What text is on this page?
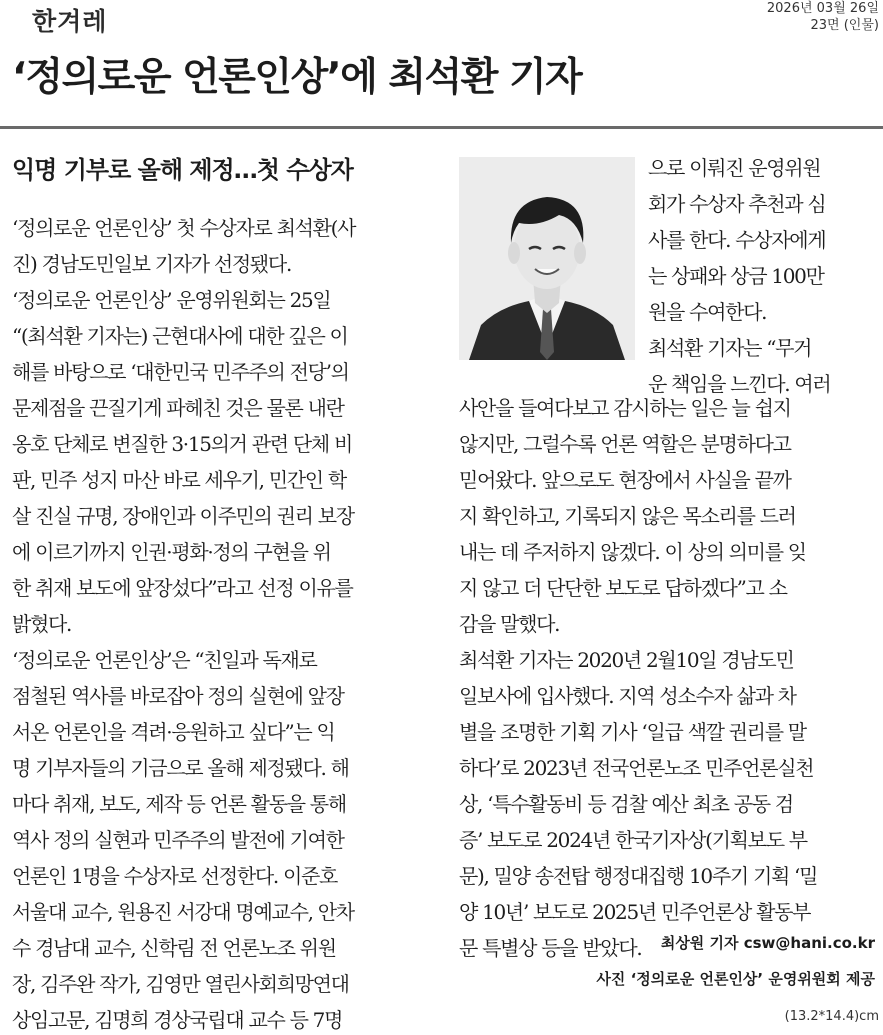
한겨레	2026년 03월 26일
23면 (인물)
‘정의로운 언론인상’에 최석환 기자
익명 기부로 올해 제정…첫 수상자
‘정의로운 언론인상’ 첫 수상자로 최석환(사
진) 경남도민일보 기자가 선정됐다.
‘정의로운 언론인상’ 운영위원회는 25일
“(최석환 기자는) 근현대사에 대한 깊은 이
해를 바탕으로 ‘대한민국 민주주의 전당’의
문제점을 끈질기게 파헤친 것은 물론 내란
옹호 단체로 변질한 3·15의거 관련 단체 비
판, 민주 성지 마산 바로 세우기, 민간인 학
살 진실 규명, 장애인과 이주민의 권리 보장
에 이르기까지 인권·평화·정의 구현을 위
한 취재 보도에 앞장섰다”라고 선정 이유를
밝혔다.
‘정의로운 언론인상’은 “친일과 독재로
점철된 역사를 바로잡아 정의 실현에 앞장
서온 언론인을 격려·응원하고 싶다”는 익
명 기부자들의 기금으로 올해 제정됐다. 해
마다 취재, 보도, 제작 등 언론 활동을 통해
역사 정의 실현과 민주주의 발전에 기여한
언론인 1명을 수상자로 선정한다. 이준호
서울대 교수, 원용진 서강대 명예교수, 안차
수 경남대 교수, 신학림 전 언론노조 위원
장, 김주완 작가, 김영만 열린사회희망연대
상임고문, 김명희 경상국립대 교수 등 7명
으로 이뤄진 운영위원
회가 수상자 추천과 심
사를 한다. 수상자에게
는 상패와 상금 100만
원을 수여한다.
최석환 기자는 “무거
운 책임을 느낀다. 여러
사안을 들여다보고 감시하는 일은 늘 쉽지
않지만, 그럴수록 언론 역할은 분명하다고
믿어왔다. 앞으로도 현장에서 사실을 끝까
지 확인하고, 기록되지 않은 목소리를 드러
내는 데 주저하지 않겠다. 이 상의 의미를 잊
지 않고 더 단단한 보도로 답하겠다”고 소
감을 말했다.
최석환 기자는 2020년 2월10일 경남도민
일보사에 입사했다. 지역 성소수자 삶과 차
별을 조명한 기획 기사 ‘일급 색깔 권리를 말
하다’로 2023년 전국언론노조 민주언론실천
상, ‘특수활동비 등 검찰 예산 최초 공동 검
증’ 보도로 2024년 한국기자상(기획보도 부
문), 밀양 송전탑 행정대집행 10주기 기획 ‘밀
양 10년’ 보도로 2025년 민주언론상 활동부
문 특별상 등을 받았다. 최상원 기자 csw@hani.co.kr
사진 ‘정의로운 언론인상’ 운영위원회 제공
(13.2*14.4)cm
